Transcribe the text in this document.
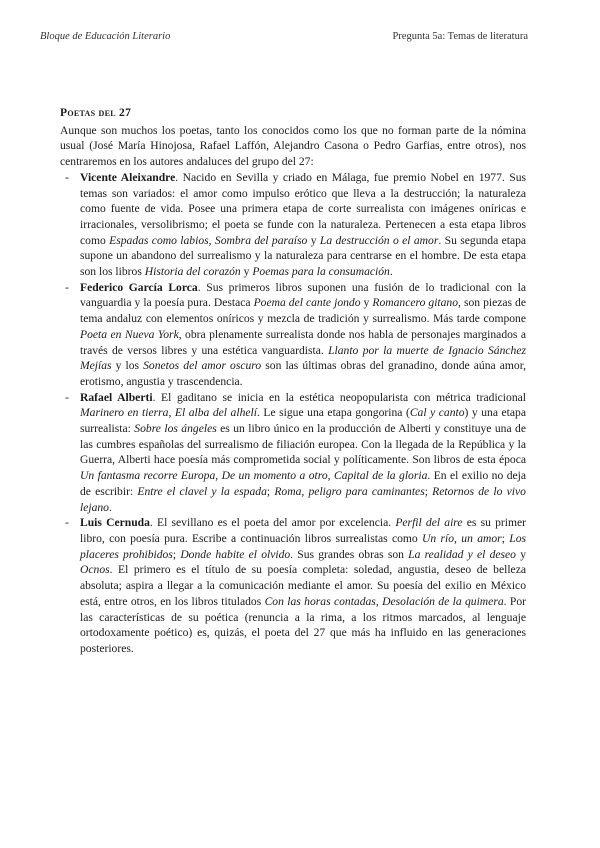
Bloque de Educación Literario	Pregunta 5a: Temas de literatura
Poetas del 27

Aunque son muchos los poetas, tanto los conocidos como los que no forman parte de la nómina usual (José María Hinojosa, Rafael Laffón, Alejandro Casona o Pedro Garfias, entre otros), nos centraremos en los autores andaluces del grupo del 27:

- Vicente Aleixandre. Nacido en Sevilla y criado en Málaga, fue premio Nobel en 1977. Sus temas son variados: el amor como impulso erótico que lleva a la destrucción; la naturaleza como fuente de vida. Posee una primera etapa de corte surrealista con imágenes oníricas e irracionales, versolibrismo; el poeta se funde con la naturaleza. Pertenecen a esta etapa libros como Espadas como labios, Sombra del paraíso y La destrucción o el amor. Su segunda etapa supone un abandono del surrealismo y la naturaleza para centrarse en el hombre. De esta etapa son los libros Historia del corazón y Poemas para la consumación.
- Federico García Lorca. Sus primeros libros suponen una fusión de lo tradicional con la vanguardia y la poesía pura. Destaca Poema del cante jondo y Romancero gitano, son piezas de tema andaluz con elementos oníricos y mezcla de tradición y surrealismo. Más tarde compone Poeta en Nueva York, obra plenamente surrealista donde nos habla de personajes marginados a través de versos libres y una estética vanguardista. Llanto por la muerte de Ignacio Sánchez Mejías y los Sonetos del amor oscuro son las últimas obras del granadino, donde aúna amor, erotismo, angustia y trascendencia.
- Rafael Alberti. El gaditano se inicia en la estética neopopularista con métrica tradicional Marinero en tierra, El alba del alhelí. Le sigue una etapa gongorina (Cal y canto) y una etapa surrealista: Sobre los ángeles es un libro único en la producción de Alberti y constituye una de las cumbres españolas del surrealismo de filiación europea. Con la llegada de la República y la Guerra, Alberti hace poesía más comprometida social y políticamente. Son libros de esta época Un fantasma recorre Europa, De un momento a otro, Capital de la gloria. En el exilio no deja de escribir: Entre el clavel y la espada; Roma, peligro para caminantes; Retornos de lo vivo lejano.
- Luis Cernuda. El sevillano es el poeta del amor por excelencia. Perfil del aire es su primer libro, con poesía pura. Escribe a continuación libros surrealistas como Un río, un amor; Los placeres prohibidos; Donde habite el olvido. Sus grandes obras son La realidad y el deseo y Ocnos. El primero es el título de su poesía completa: soledad, angustia, deseo de belleza absoluta; aspira a llegar a la comunicación mediante el amor. Su poesía del exilio en México está, entre otros, en los libros titulados Con las horas contadas, Desolación de la quimera. Por las características de su poética (renuncia a la rima, a los ritmos marcados, al lenguaje ortodoxamente poético) es, quizás, el poeta del 27 que más ha influido en las generaciones posteriores.
